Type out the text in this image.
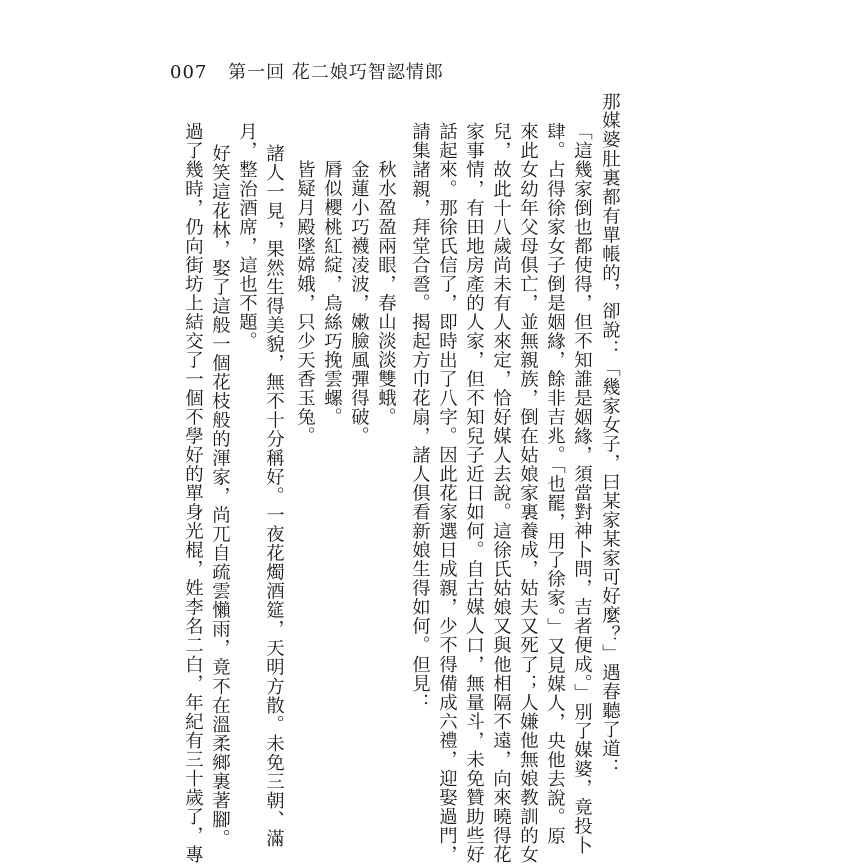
007 第一回 花二娘巧智認情郎
那媒婆肚裏都有單帳的，卻說：「幾家女子，曰某家某家可好麼？」遇春聽了道：
「這幾家倒也都使得，但不知誰是姻緣，須當對神卜問，吉者便成。」別了媒婆，竟投卜
肆。占得徐家女子倒是姻緣，餘非吉兆。「也罷，用了徐家。」又見媒人，央他去說。原
來此女幼年父母俱亡，並無親族，倒在姑娘家裏養成，姑夫又死了；人嫌他無娘教訓的女
兒，故此十八歲尚未有人來定，恰好媒人去說。這徐氏姑娘又與他相隔不遠，向來曉得花
家事情，有田地房產的人家，但不知兒子近日如何。自古媒人口，無量斗，未免贊助些好
話起來。那徐氏信了，即時出了八字。因此花家選日成親，少不得備成六禮，迎娶過門，
請集諸親，拜堂合巹。揭起方巾花扇，諸人俱看新娘生得如何。但見：
秋水盈盈兩眼，春山淡淡雙蛾。
金蓮小巧襪凌波，嫩臉風彈得破。
脣似櫻桃紅綻，烏絲巧挽雲螺。
皆疑月殿墜嫦娥，只少天香玉兔。
諸人一見，果然生得美貌，無不十分稱好。一夜花燭酒筵，天明方散。未免三朝、滿
月，整治酒席，這也不題。
好笑這花林，娶了這般一個花枝般的渾家，尚兀自疏雲懶雨，竟不在溫柔鄉裏著腳。
過了幾時，仍向街坊上結交了一個不學好的單身光棍，姓李名二白，年紀有三十歲了，專
